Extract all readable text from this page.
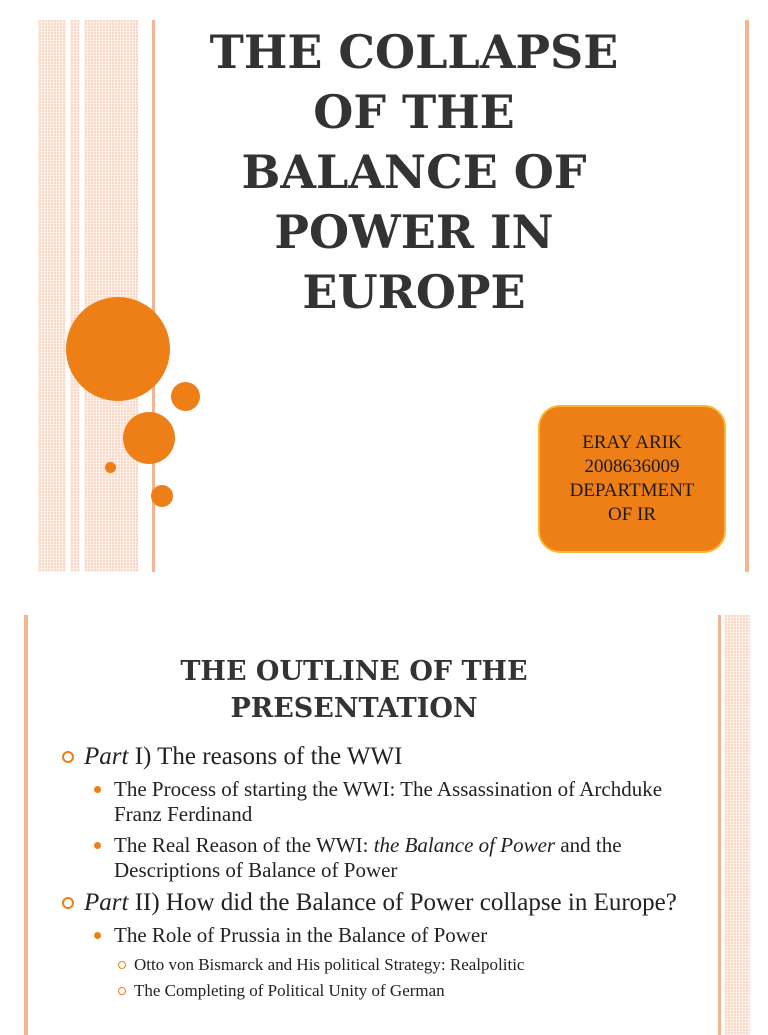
THE COLLAPSE
OF THE
BALANCE OF
POWER IN
EUROPE
ERAY ARIK
2008636009
DEPARTMENT
OF IR
THE OUTLINE OF THE
PRESENTATION
Part I) The reasons of the WWI
The Process of starting the WWI: The Assassination of Archduke Franz Ferdinand
The Real Reason of the WWI: the Balance of Power and the Descriptions of Balance of Power
Part II) How did the Balance of Power collapse in Europe?
The Role of Prussia in the Balance of Power
Otto von Bismarck and His political Strategy: Realpolitic
The Completing of Political Unity of German
